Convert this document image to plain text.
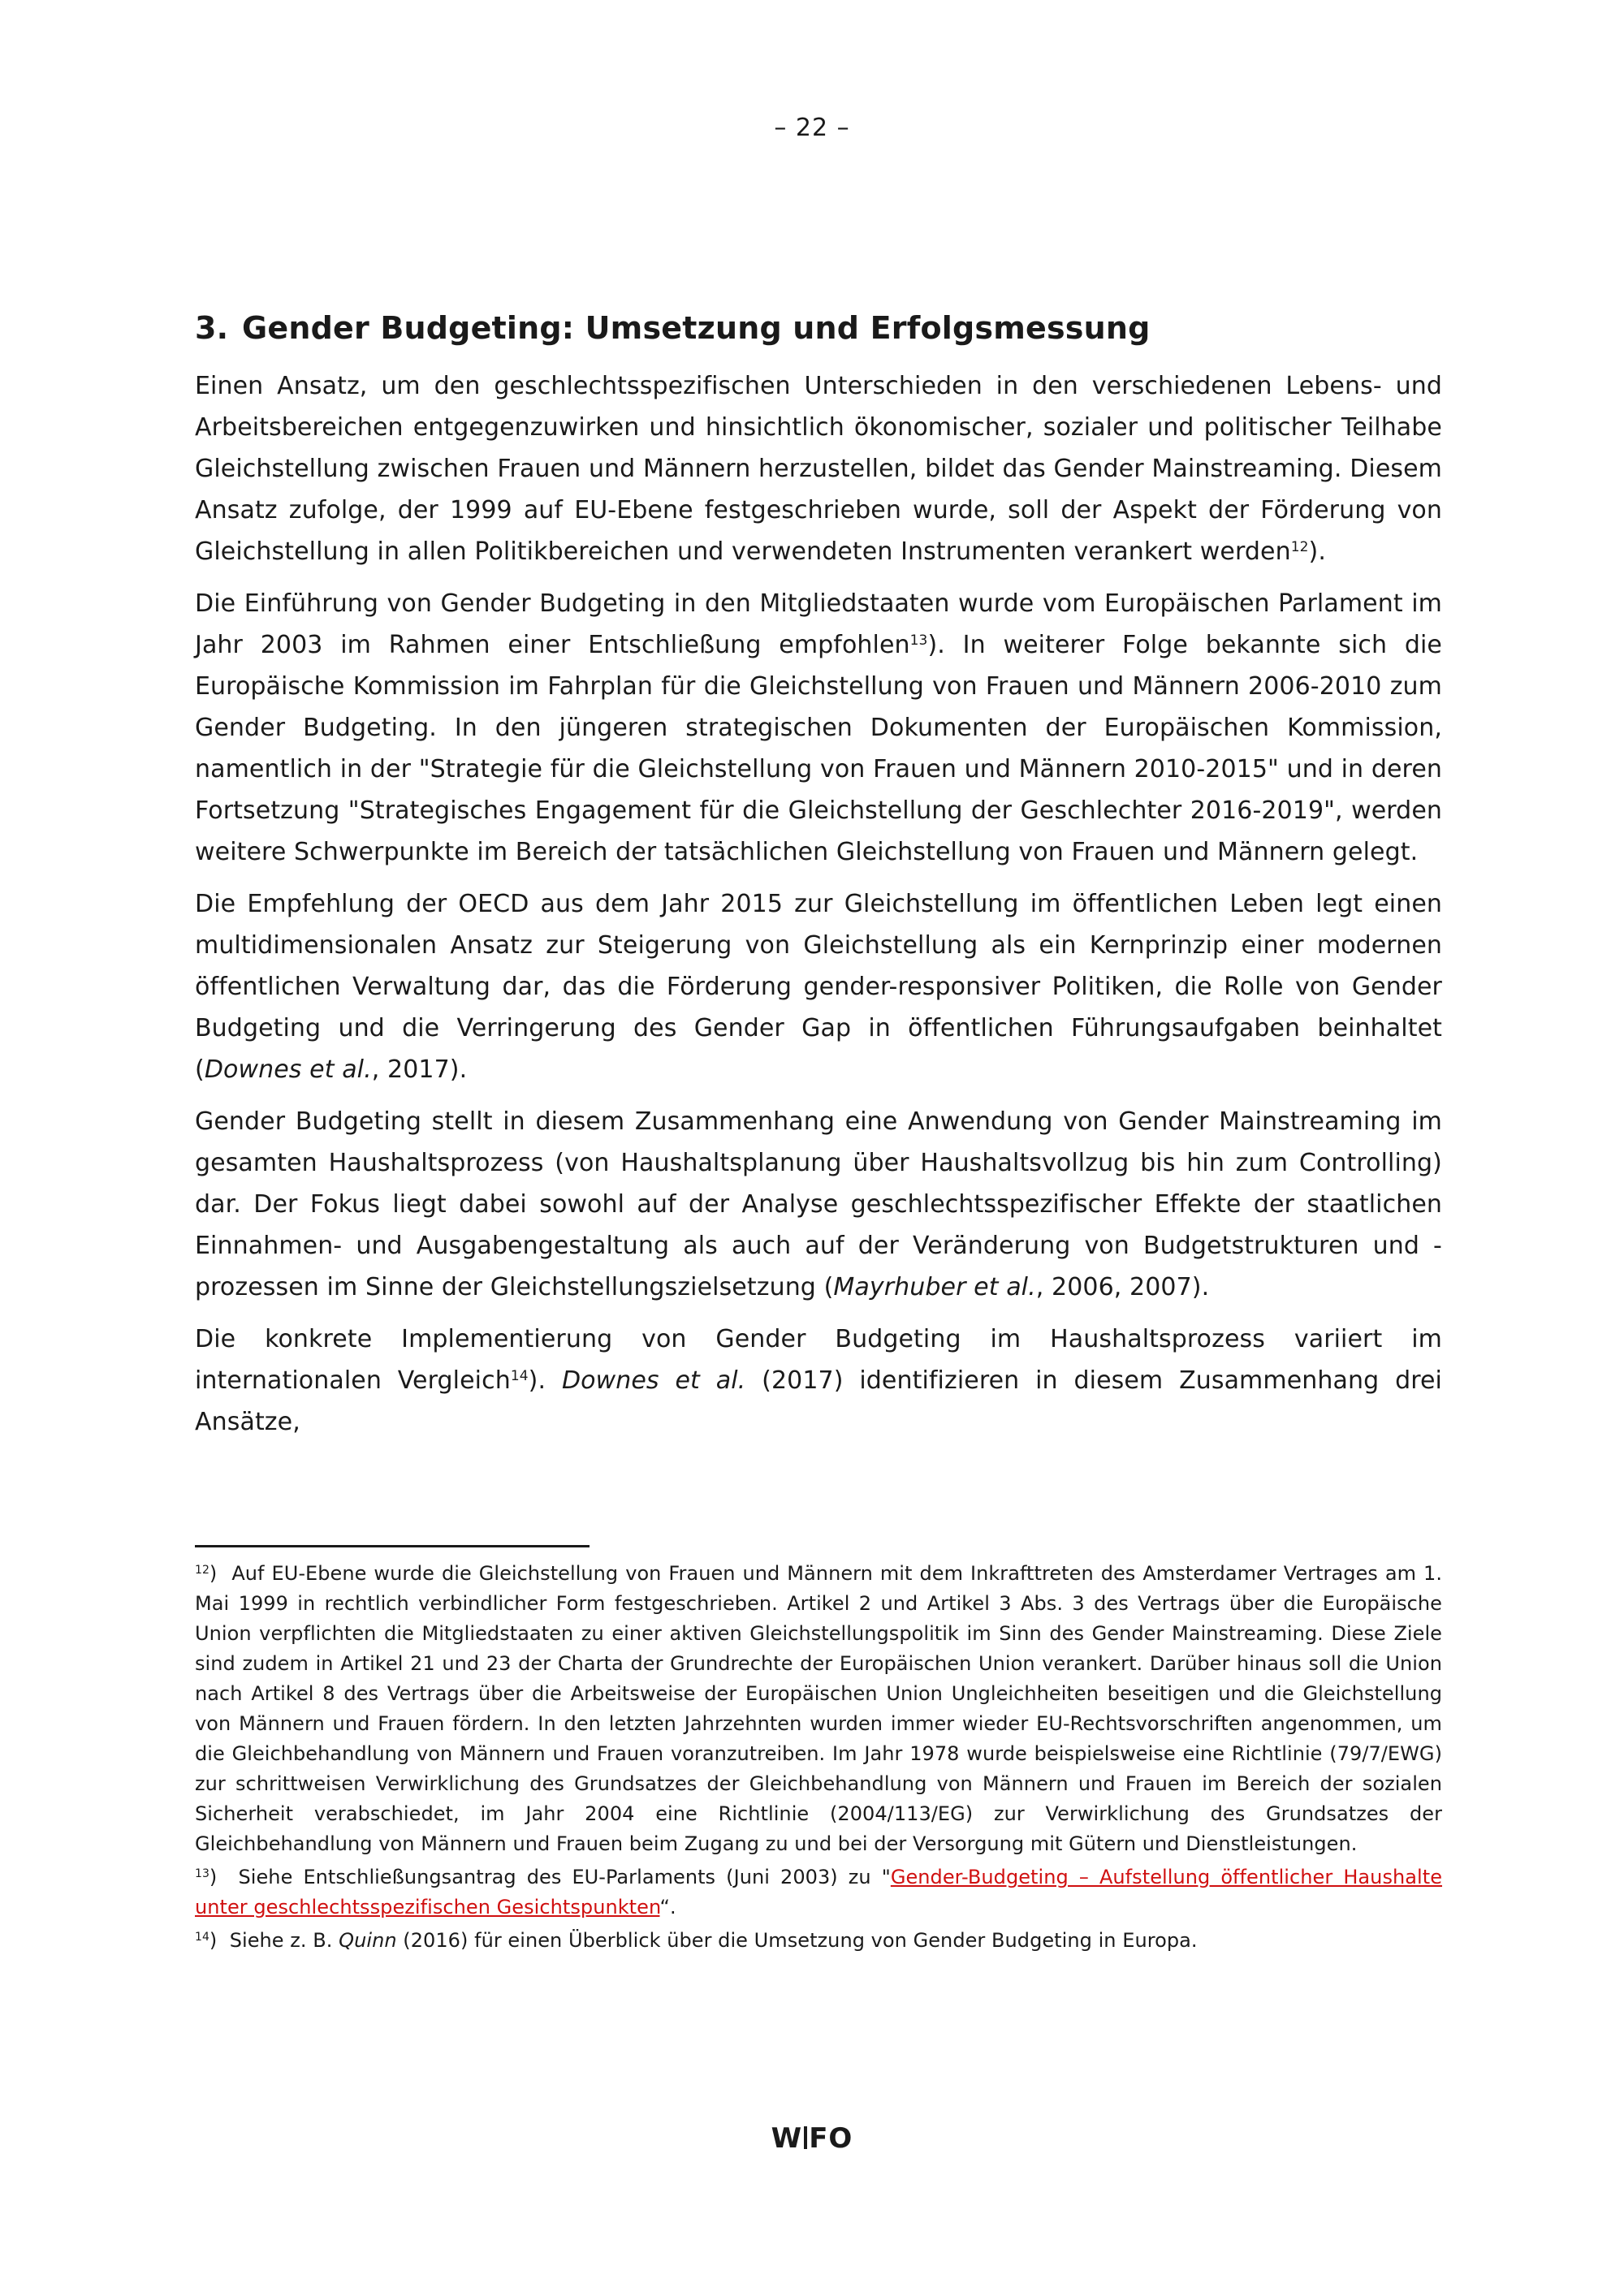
– 22 –
3. Gender Budgeting: Umsetzung und Erfolgsmessung

Einen Ansatz, um den geschlechtsspezifischen Unterschieden in den verschiedenen Lebens- und Arbeitsbereichen entgegenzuwirken und hinsichtlich ökonomischer, sozialer und politischer Teilhabe Gleichstellung zwischen Frauen und Männern herzustellen, bildet das Gender Mainstreaming. Diesem Ansatz zufolge, der 1999 auf EU-Ebene festgeschrieben wurde, soll der Aspekt der Förderung von Gleichstellung in allen Politikbereichen und verwendeten Instrumenten verankert werden$^{12}$).

Die Einführung von Gender Budgeting in den Mitgliedstaaten wurde vom Europäischen Parlament im Jahr 2003 im Rahmen einer Entschließung empfohlen$^{13}$). In weiterer Folge bekannte sich die Europäische Kommission im Fahrplan für die Gleichstellung von Frauen und Männern 2006-2010 zum Gender Budgeting. In den jüngeren strategischen Dokumenten der Europäischen Kommission, namentlich in der "Strategie für die Gleichstellung von Frauen und Männern 2010-2015" und in deren Fortsetzung "Strategisches Engagement für die Gleichstellung der Geschlechter 2016-2019", werden weitere Schwerpunkte im Bereich der tatsächlichen Gleichstellung von Frauen und Männern gelegt.

Die Empfehlung der OECD aus dem Jahr 2015 zur Gleichstellung im öffentlichen Leben legt einen multidimensionalen Ansatz zur Steigerung von Gleichstellung als ein Kernprinzip einer modernen öffentlichen Verwaltung dar, das die Förderung gender-responsiver Politiken, die Rolle von Gender Budgeting und die Verringerung des Gender Gap in öffentlichen Führungsaufgaben beinhaltet (Downes et al., 2017).

Gender Budgeting stellt in diesem Zusammenhang eine Anwendung von Gender Mainstreaming im gesamten Haushaltsprozess (von Haushaltsplanung über Haushaltsvollzug bis hin zum Controlling) dar. Der Fokus liegt dabei sowohl auf der Analyse geschlechtsspezifischer Effekte der staatlichen Einnahmen- und Ausgabengestaltung als auch auf der Veränderung von Budgetstrukturen und -prozessen im Sinne der Gleichstellungszielsetzung (Mayrhuber et al., 2006, 2007).

Die konkrete Implementierung von Gender Budgeting im Haushaltsprozess variiert im internationalen Vergleich$^{14}$). Downes et al. (2017) identifizieren in diesem Zusammenhang drei Ansätze,

$^{12}$) Auf EU-Ebene wurde die Gleichstellung von Frauen und Männern mit dem Inkrafttreten des Amsterdamer Vertrages am 1. Mai 1999 in rechtlich verbindlicher Form festgeschrieben. Artikel 2 und Artikel 3 Abs. 3 des Vertrags über die Europäische Union verpflichten die Mitgliedstaaten zu einer aktiven Gleichstellungspolitik im Sinn des Gender Mainstreaming. Diese Ziele sind zudem in Artikel 21 und 23 der Charta der Grundrechte der Europäischen Union verankert. Darüber hinaus soll die Union nach Artikel 8 des Vertrags über die Arbeitsweise der Europäischen Union Ungleichheiten beseitigen und die Gleichstellung von Männern und Frauen fördern. In den letzten Jahrzehnten wurden immer wieder EU-Rechtsvorschriften angenommen, um die Gleichbehandlung von Männern und Frauen voranzutreiben. Im Jahr 1978 wurde beispielsweise eine Richtlinie (79/7/EWG) zur schrittweisen Verwirklichung des Grundsatzes der Gleichbehandlung von Männern und Frauen im Bereich der sozialen Sicherheit verabschiedet, im Jahr 2004 eine Richtlinie (2004/113/EG) zur Verwirklichung des Grundsatzes der Gleichbehandlung von Männern und Frauen beim Zugang zu und bei der Versorgung mit Gütern und Dienstleistungen.

$^{13}$) Siehe Entschließungsantrag des EU-Parlaments (Juni 2003) zu "Gender-Budgeting – Aufstellung öffentlicher Haushalte unter geschlechtsspezifischen Gesichtspunkten“.

$^{14}$) Siehe z. B. Quinn (2016) für einen Überblick über die Umsetzung von Gender Budgeting in Europa.

W FO
